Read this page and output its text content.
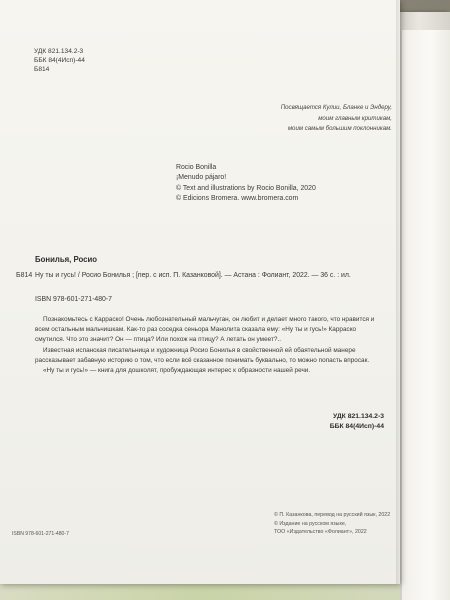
УДК 821.134.2-3
ББК 84(4Исп)-44
Б814
Посвящается Кулии, Бланке и Эндеру,
моим главным критикам,
моим самым большим поклонникам.
Rocio Bonilla
¡Menudo pájaro!
© Text and illustrations by Rocio Bonilla, 2020
© Edicions Bromera. www.bromera.com
Бонилья, Росио
Б814 Ну ты и гусь! / Росио Бонилья ; [пер. с исп. П. Казанковой]. — Астана : Фолиант, 2022. — 36 с. : ил.
ISBN 978-601-271-480-7

Познакомьтесь с Карраско! Очень любознательный мальчуган, он любит и делает много такого, что нравится и всем остальным мальчишкам. Как-то раз соседка сеньора Манолита сказала ему: «Ну ты и гусь!» Карраско смутился. Что это значит? Он — птица? Или похож на птицу? А летать он умеет?..

Известная испанская писательница и художница Росио Бонилья в свойственной ей обаятельной манере рассказывает забавную историю о том, что если всё сказанное понимать буквально, то можно попасть впросак.

«Ну ты и гусь!» — книга для дошколят, пробуждающая интерес к образности нашей речи.

УДК 821.134.2-3
ББК 84(4Исп)-44
© П. Казанкова, перевод на русский язык, 2022
© Издание на русском языке,
ТОО «Издательство «Фолиант», 2022
ISBN 978-601-271-480-7
